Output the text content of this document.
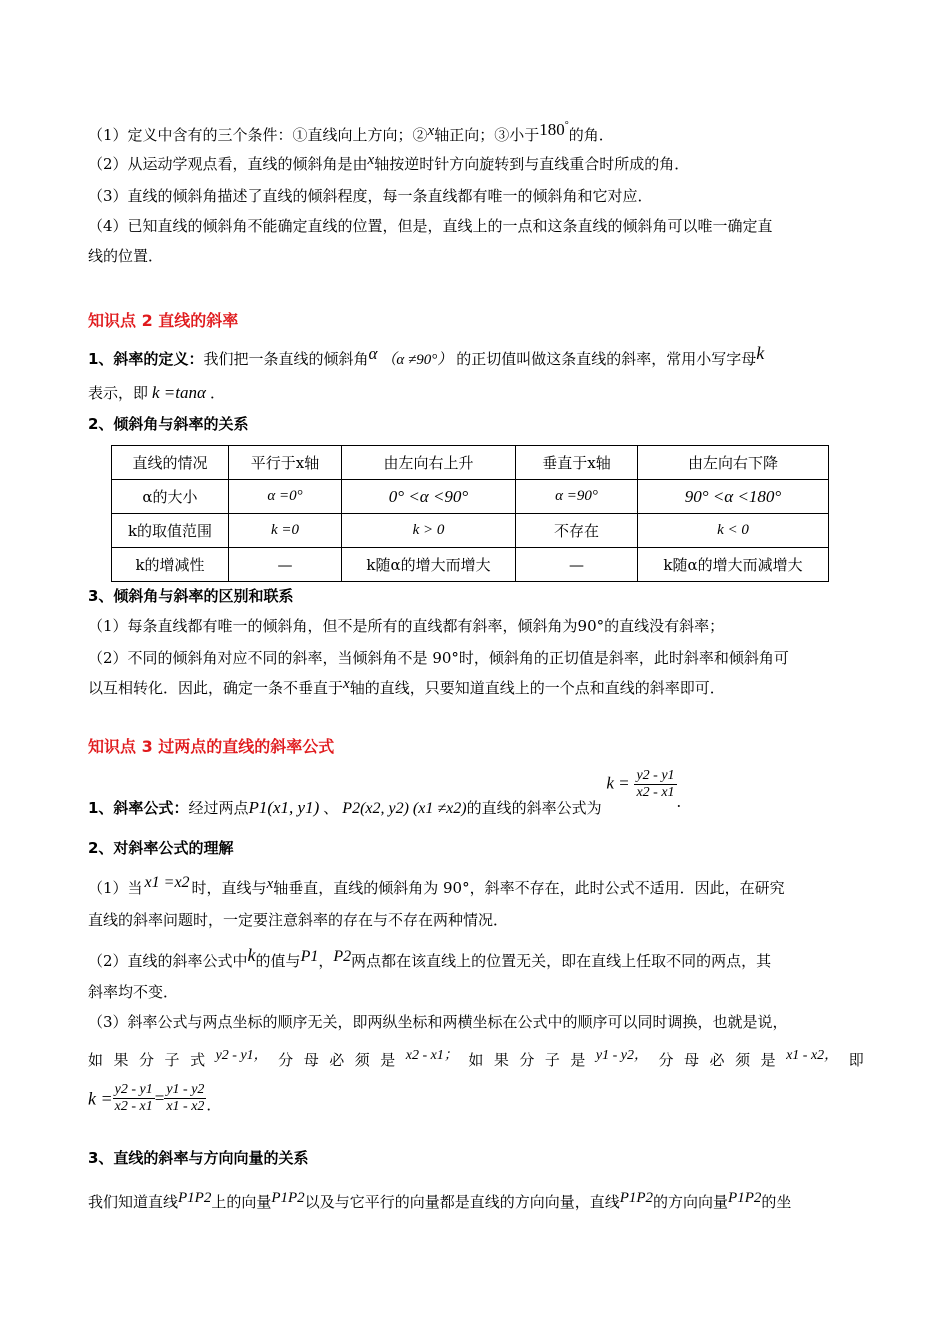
（1）定义中含有的三个条件：①直线向上方向；②x轴正向；③小于180°的角．
（2）从运动学观点看，直线的倾斜角是由x轴按逆时针方向旋转到与直线重合时所成的角．
（3）直线的倾斜角描述了直线的倾斜程度，每一条直线都有唯一的倾斜角和它对应．
（4）已知直线的倾斜角不能确定直线的位置，但是，直线上的一点和这条直线的倾斜角可以唯一确定直
线的位置．
知识点 2 直线的斜率
1、斜率的定义：我们把一条直线的倾斜角α （α ≠90°） 的正切值叫做这条直线的斜率，常用小写字母k
表示，即 k =tanα ．
2、倾斜角与斜率的关系
直线的情况	平行于x轴	由左向右上升	垂直于x轴	由左向右下降
α的大小	α =0°	0° <α <90°	α =90°	90° <α <180°
k的取值范围	k =0	k > 0	不存在	k < 0
k的增减性	—	k随α的增大而增大	—	k随α的增大而减增大
3、倾斜角与斜率的区别和联系
（1）每条直线都有唯一的倾斜角，但不是所有的直线都有斜率，倾斜角为90°的直线没有斜率；
（2）不同的倾斜角对应不同的斜率，当倾斜角不是 90°时，倾斜角的正切值是斜率，此时斜率和倾斜角可
以互相转化．因此，确定一条不垂直于x轴的直线，只要知道直线上的一个点和直线的斜率即可．
知识点 3 过两点的直线的斜率公式
1、斜率公式：经过两点P1(x1, y1) 、 P2(x2, y2) (x1 ≠x2)的直线的斜率公式为 $k = \frac{y2 - y1}{x2 - x1}$
．
2、对斜率公式的理解
（1）当 x1 =x2 时，直线与x轴垂直，直线的倾斜角为 90°，斜率不存在，此时公式不适用．因此，在研究
直线的斜率问题时，一定要注意斜率的存在与不存在两种情况．
（2）直线的斜率公式中k的值与P1，P2两点都在该直线上的位置无关，即在直线上任取不同的两点，其
斜率均不变．
（3）斜率公式与两点坐标的顺序无关，即两纵坐标和两横坐标在公式中的顺序可以同时调换，也就是说，
如 果 分 子 式 y2 - y1， 分 母 必 须 是 x2 - x1； 如 果 分 子 是 y1 - y2， 分 母 必 须 是 x1 - x2， 即
$k = \frac{y2 - y1}{x2 - x1} = \frac{y1 - y2}{x1 - x2}$ ．
3、直线的斜率与方向向量的关系
我们知道直线P1P2上的向量P1P2以及与它平行的向量都是直线的方向向量，直线P1P2的方向向量P1P2的坐
